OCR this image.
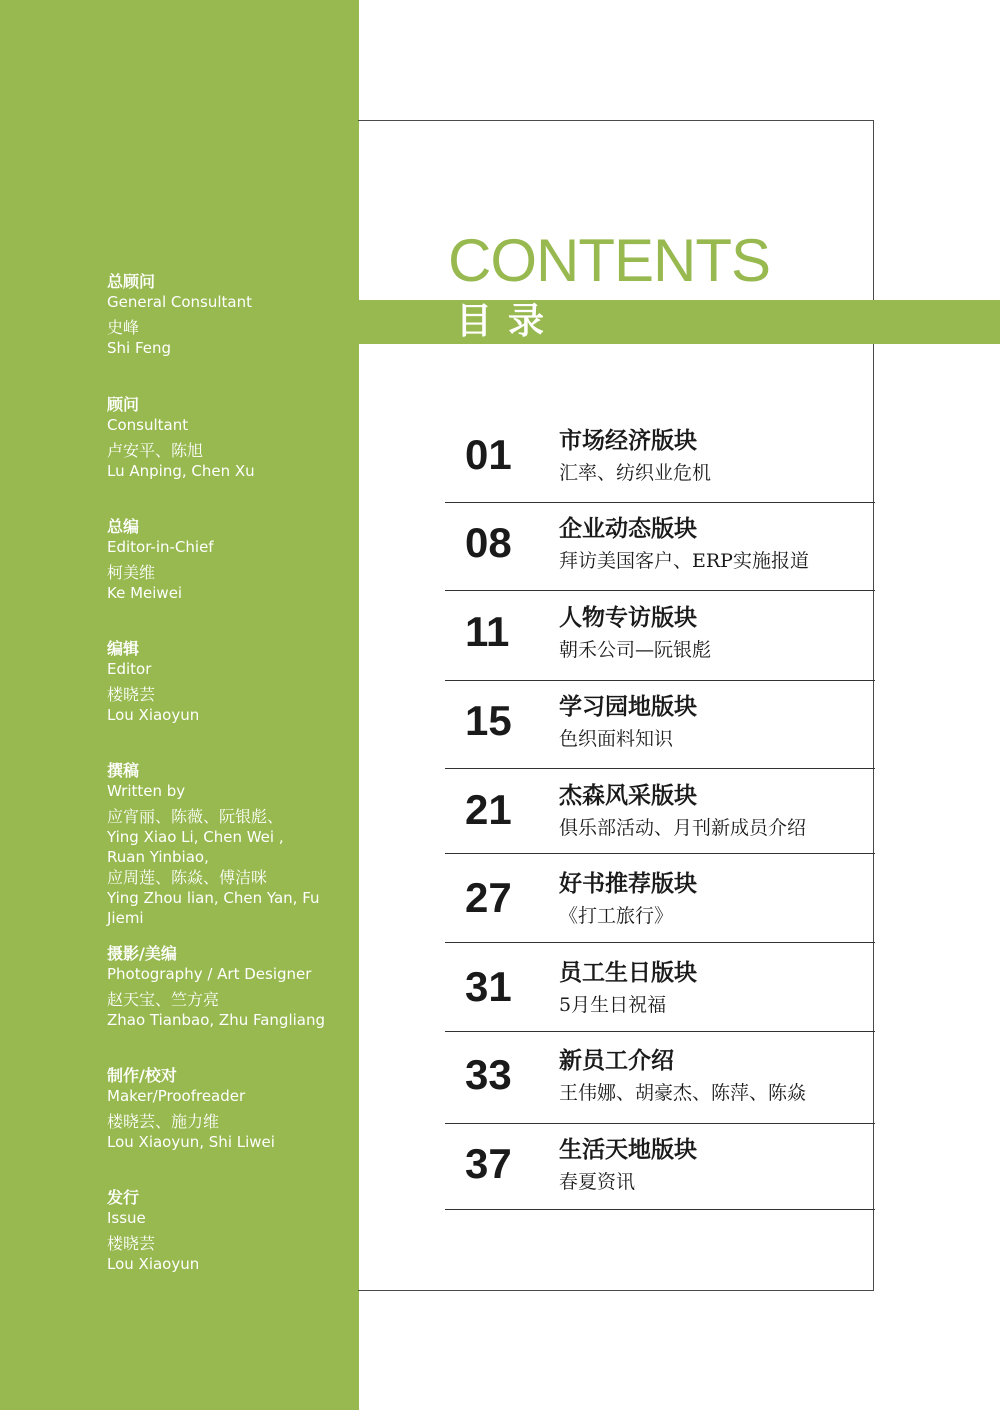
总顾问
General Consultant
史峰
Shi Feng
顾问
Consultant
卢安平、陈旭
Lu Anping, Chen Xu
总编
Editor-in-Chief
柯美维
Ke Meiwei
编辑
Editor
楼晓芸
Lou Xiaoyun
撰稿
Written by
应宵丽、陈薇、阮银彪、
Ying Xiao Li, Chen Wei ,
Ruan Yinbiao,
应周莲、陈焱、傅洁咪
Ying Zhou lian, Chen Yan, Fu Jiemi
摄影/美编
Photography / Art Designer
赵天宝、竺方亮
Zhao Tianbao, Zhu Fangliang
制作/校对
Maker/Proofreader
楼晓芸、施力维
Lou Xiaoyun, Shi Liwei
发行
Issue
楼晓芸
Lou Xiaoyun
CONTENTS
目录
01 市场经济版块
汇率、纺织业危机
08 企业动态版块
拜访美国客户、ERP实施报道
11 人物专访版块
朝禾公司—阮银彪
15 学习园地版块
色织面料知识
21 杰森风采版块
俱乐部活动、月刊新成员介绍
27 好书推荐版块
《打工旅行》
31 员工生日版块
5月生日祝福
33 新员工介绍
王伟娜、胡豪杰、陈萍、陈焱
37 生活天地版块
春夏资讯
